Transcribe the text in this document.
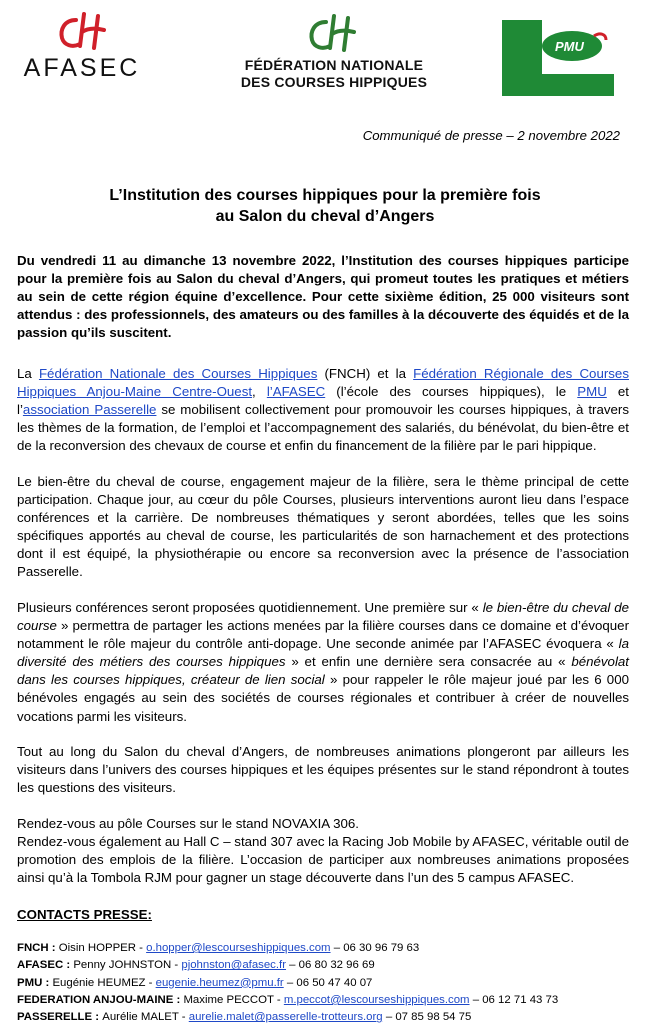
AFASEC	FÉDÉRATION NATIONALE
DES COURSES HIPPIQUES
PMU
Communiqué de presse – 2 novembre 2022
L’Institution des courses hippiques pour la première fois
au Salon du cheval d’Angers
Du vendredi 11 au dimanche 13 novembre 2022, l’Institution des courses hippiques participe pour la première fois au Salon du cheval d’Angers, qui promeut toutes les pratiques et métiers au sein de cette région équine d’excellence. Pour cette sixième édition, 25 000 visiteurs sont attendus : des professionnels, des amateurs ou des familles à la découverte des équidés et de la passion qu’ils suscitent.
La Fédération Nationale des Courses Hippiques (FNCH) et la Fédération Régionale des Courses Hippiques Anjou-Maine Centre-Ouest, l’AFASEC (l’école des courses hippiques), le PMU et l’association Passerelle se mobilisent collectivement pour promouvoir les courses hippiques, à travers les thèmes de la formation, de l’emploi et l’accompagnement des salariés, du bénévolat, du bien-être et de la reconversion des chevaux de course et enfin du financement de la filière par le pari hippique.
Le bien-être du cheval de course, engagement majeur de la filière, sera le thème principal de cette participation. Chaque jour, au cœur du pôle Courses, plusieurs interventions auront lieu dans l’espace conférences et la carrière. De nombreuses thématiques y seront abordées, telles que les soins spécifiques apportés au cheval de course, les particularités de son harnachement et des protections dont il est équipé, la physiothérapie ou encore sa reconversion avec la présence de l’association Passerelle.
Plusieurs conférences seront proposées quotidiennement. Une première sur « le bien-être du cheval de course » permettra de partager les actions menées par la filière courses dans ce domaine et d’évoquer notamment le rôle majeur du contrôle anti-dopage. Une seconde animée par l’AFASEC évoquera « la diversité des métiers des courses hippiques » et enfin une dernière sera consacrée au « bénévolat dans les courses hippiques, créateur de lien social » pour rappeler le rôle majeur joué par les 6 000 bénévoles engagés au sein des sociétés de courses régionales et contribuer à créer de nouvelles vocations parmi les visiteurs.
Tout au long du Salon du cheval d’Angers, de nombreuses animations plongeront par ailleurs les visiteurs dans l’univers des courses hippiques et les équipes présentes sur le stand répondront à toutes les questions des visiteurs.

Rendez-vous au pôle Courses sur le stand NOVAXIA 306.

Rendez-vous également au Hall C – stand 307 avec la Racing Job Mobile by AFASEC, véritable outil de promotion des emplois de la filière. L’occasion de participer aux nombreuses animations proposées ainsi qu’à la Tombola RJM pour gagner un stage découverte dans l’un des 5 campus AFASEC.

CONTACTS PRESSE:
FNCH : Oisin HOPPER - o.hopper@lescourseshippiques.com – 06 30 96 79 63
AFASEC : Penny JOHNSTON - pjohnston@afasec.fr – 06 80 32 96 69
PMU : Eugénie HEUMEZ - eugenie.heumez@pmu.fr – 06 50 47 40 07
FEDERATION ANJOU-MAINE : Maxime PECCOT - m.peccot@lescourseshippiques.com – 06 12 71 43 73
PASSERELLE : Aurélie MALET - aurelie.malet@passerelle-trotteurs.org – 07 85 98 54 75
